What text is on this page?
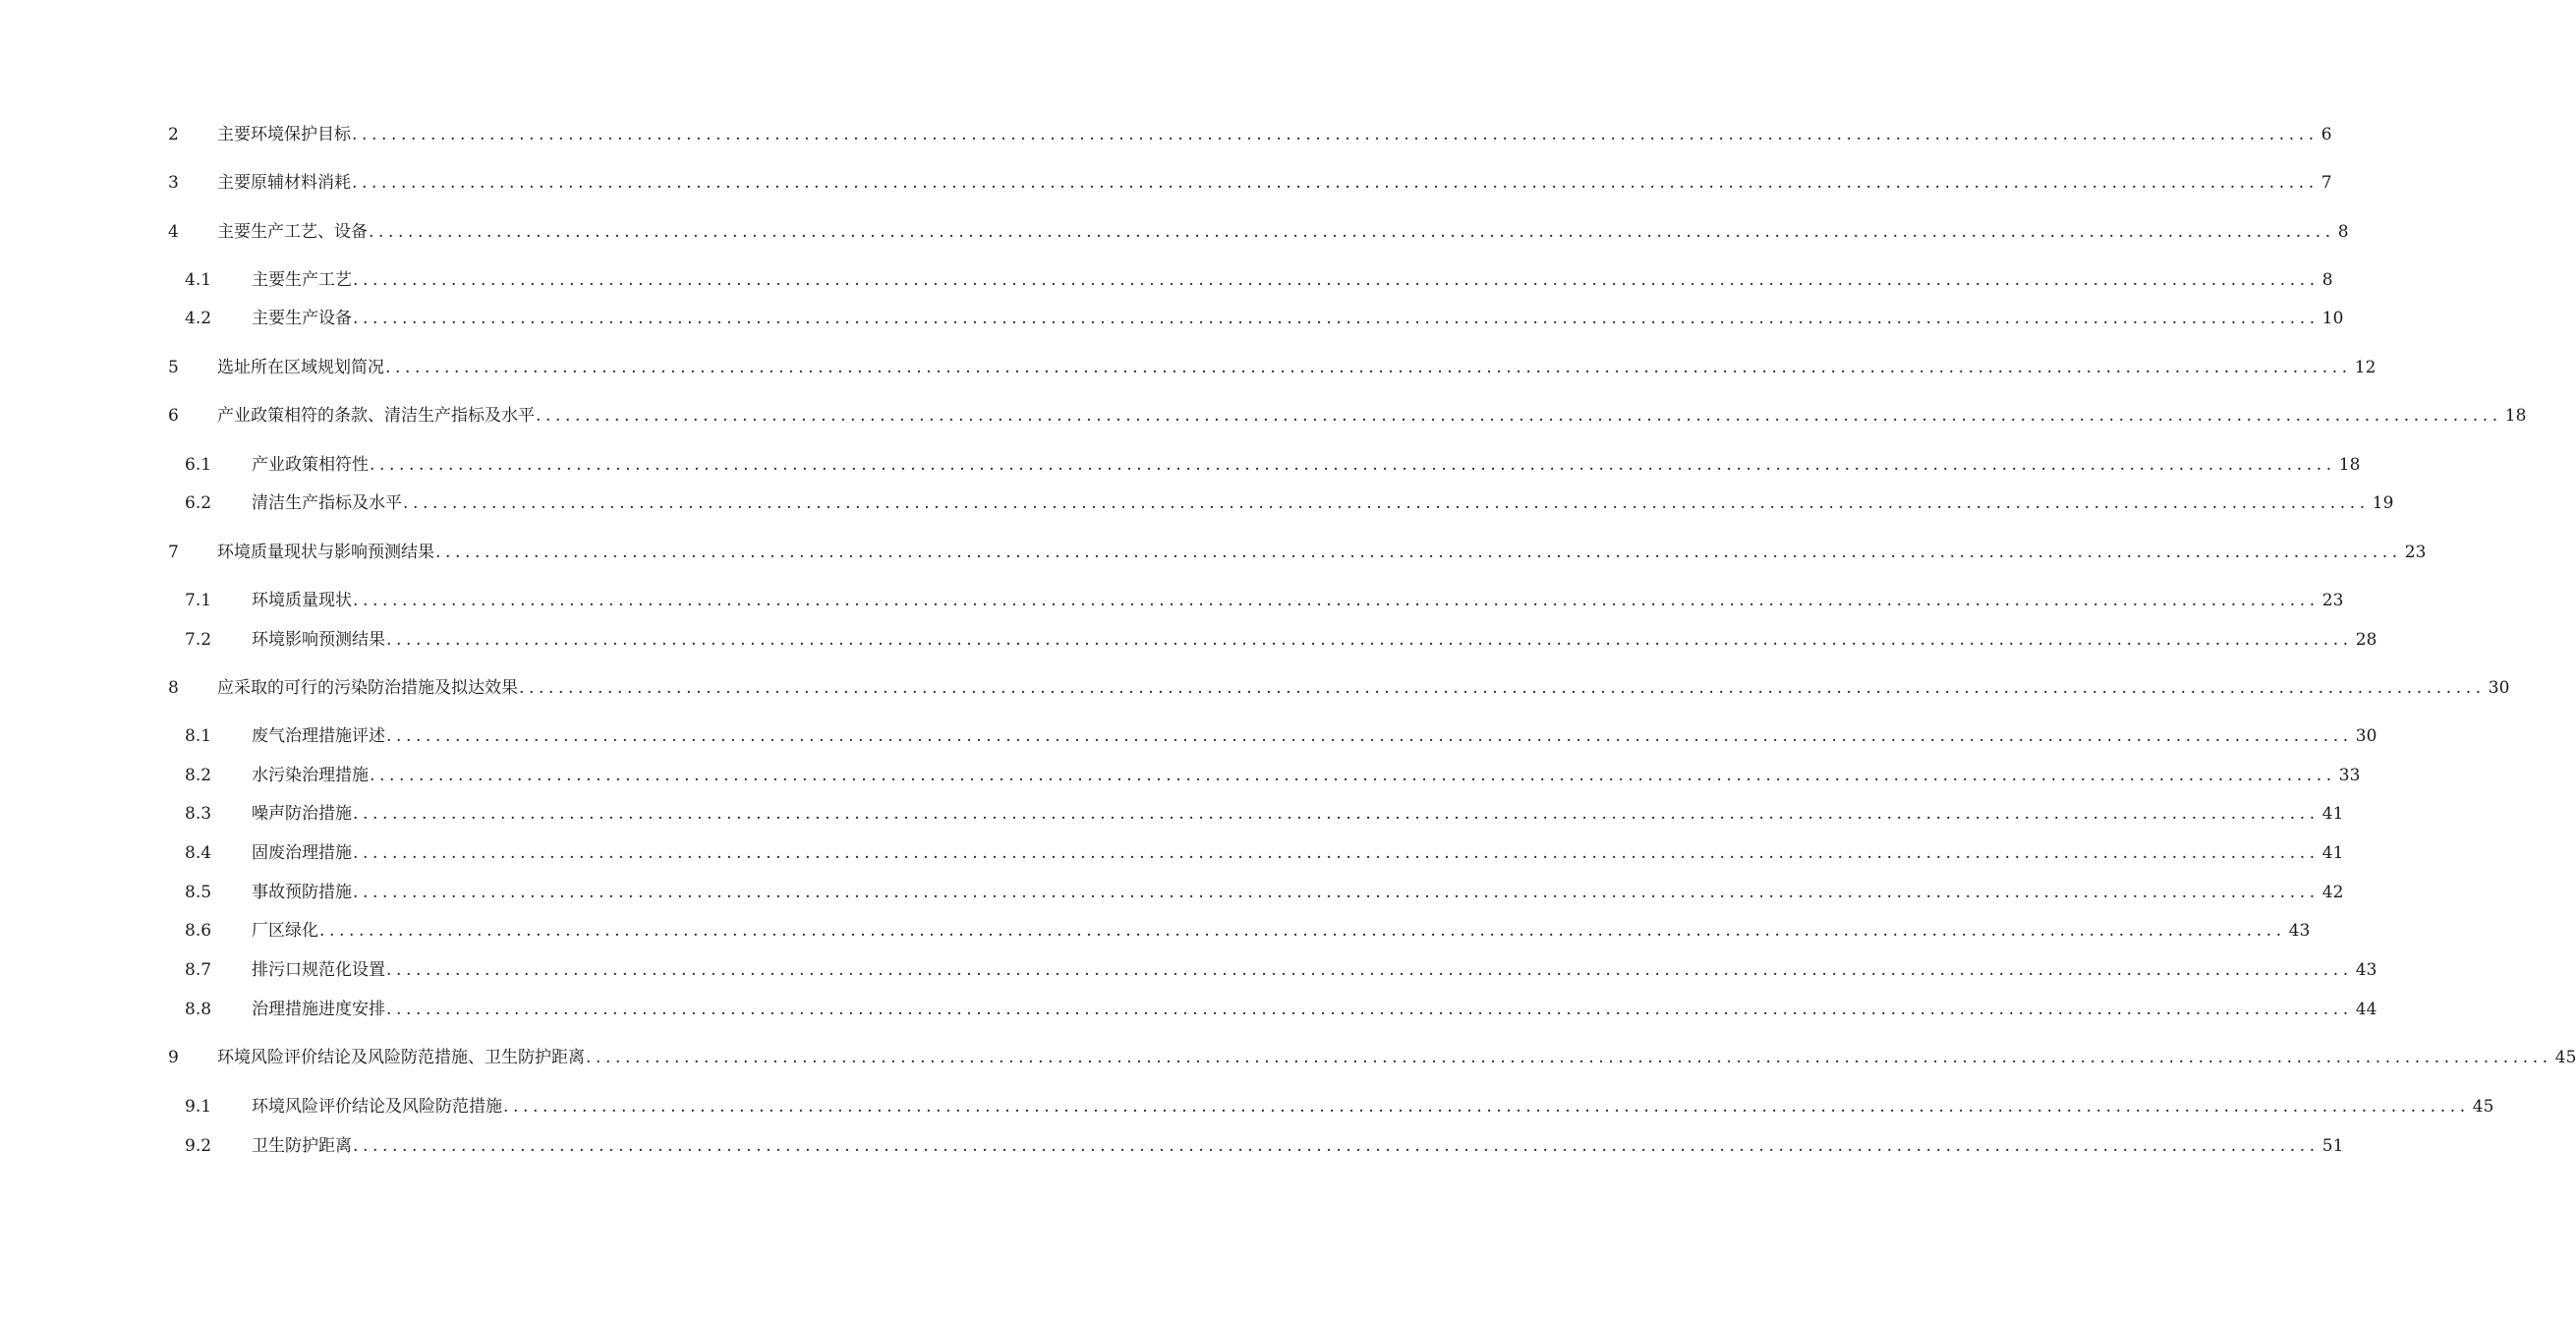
2 主要环境保护目标 ........................................................................................................................................................................................................ 6
3 主要原辅材料消耗 ........................................................................................................................................................................................................ 7
4 主要生产工艺、设备 ........................................................................................................................................................................................................ 8
4.1 主要生产工艺 ........................................................................................................................................................................................................ 8
4.2 主要生产设备 ........................................................................................................................................................................................................ 10
5 选址所在区域规划简况 ........................................................................................................................................................................................................ 12
6 产业政策相符的条款、清洁生产指标及水平 ........................................................................................................................................................................................................ 18
6.1 产业政策相符性 ........................................................................................................................................................................................................ 18
6.2 清洁生产指标及水平 ........................................................................................................................................................................................................ 19
7 环境质量现状与影响预测结果 ........................................................................................................................................................................................................ 23
7.1 环境质量现状 ........................................................................................................................................................................................................ 23
7.2 环境影响预测结果 ........................................................................................................................................................................................................ 28
8 应采取的可行的污染防治措施及拟达效果 ........................................................................................................................................................................................................ 30
8.1 废气治理措施评述 ........................................................................................................................................................................................................ 30
8.2 水污染治理措施 ........................................................................................................................................................................................................ 33
8.3 噪声防治措施 ........................................................................................................................................................................................................ 41
8.4 固废治理措施 ........................................................................................................................................................................................................ 41
8.5 事故预防措施 ........................................................................................................................................................................................................ 42
8.6 厂区绿化 ........................................................................................................................................................................................................ 43
8.7 排污口规范化设置 ........................................................................................................................................................................................................ 43
8.8 治理措施进度安排 ........................................................................................................................................................................................................ 44
9 环境风险评价结论及风险防范措施、卫生防护距离 ........................................................................................................................................................................................................ 45
9.1 环境风险评价结论及风险防范措施 ........................................................................................................................................................................................................ 45
9.2 卫生防护距离 ........................................................................................................................................................................................................ 51
